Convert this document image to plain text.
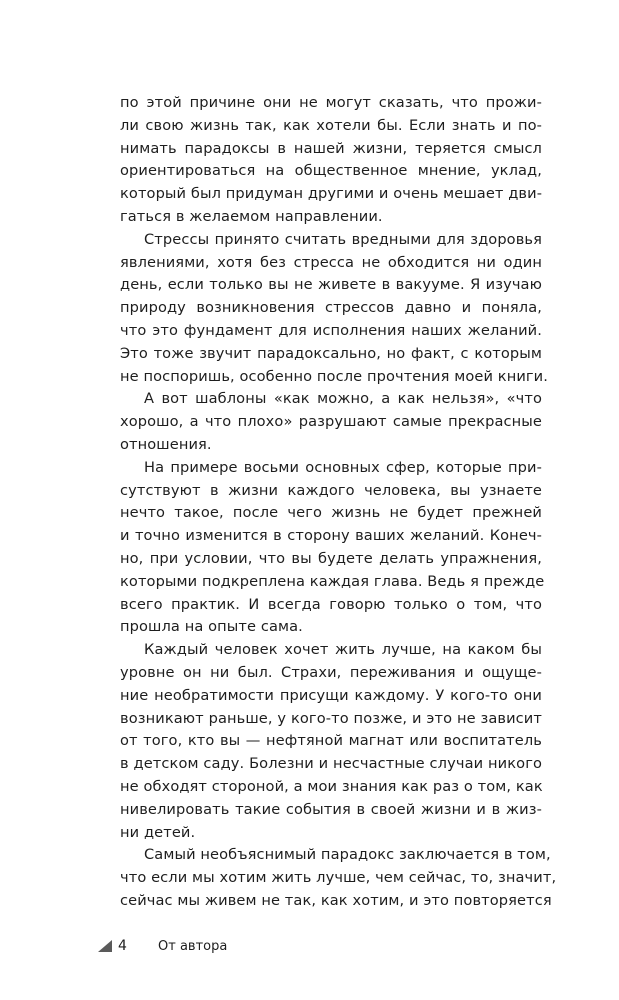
по этой причине они не могут сказать, что прожи-
ли свою жизнь так, как хотели бы. Если знать и по-
нимать парадоксы в нашей жизни, теряется смысл
ориентироваться на общественное мнение, уклад,
который был придуман другими и очень мешает дви-
гаться в желаемом направлении.
Стрессы принято считать вредными для здоровья
явлениями, хотя без стресса не обходится ни один
день, если только вы не живете в вакууме. Я изучаю
природу возникновения стрессов давно и поняла,
что это фундамент для исполнения наших желаний.
Это тоже звучит парадоксально, но факт, с которым
не поспоришь, особенно после прочтения моей книги.
А вот шаблоны «как можно, а как нельзя», «что
хорошо, а что плохо» разрушают самые прекрасные
отношения.
На примере восьми основных сфер, которые при-
сутствуют в жизни каждого человека, вы узнаете
нечто такое, после чего жизнь не будет прежней
и точно изменится в сторону ваших желаний. Конеч-
но, при условии, что вы будете делать упражнения,
которыми подкреплена каждая глава. Ведь я прежде
всего практик. И всегда говорю только о том, что
прошла на опыте сама.
Каждый человек хочет жить лучше, на каком бы
уровне он ни был. Страхи, переживания и ощуще-
ние необратимости присущи каждому. У кого-то они
возникают раньше, у кого-то позже, и это не зависит
от того, кто вы — нефтяной магнат или воспитатель
в детском саду. Болезни и несчастные случаи никого
не обходят стороной, а мои знания как раз о том, как
нивелировать такие события в своей жизни и в жиз-
ни детей.
Самый необъяснимый парадокс заключается в том,
что если мы хотим жить лучше, чем сейчас, то, значит,
сейчас мы живем не так, как хотим, и это повторяется
4	От автора
